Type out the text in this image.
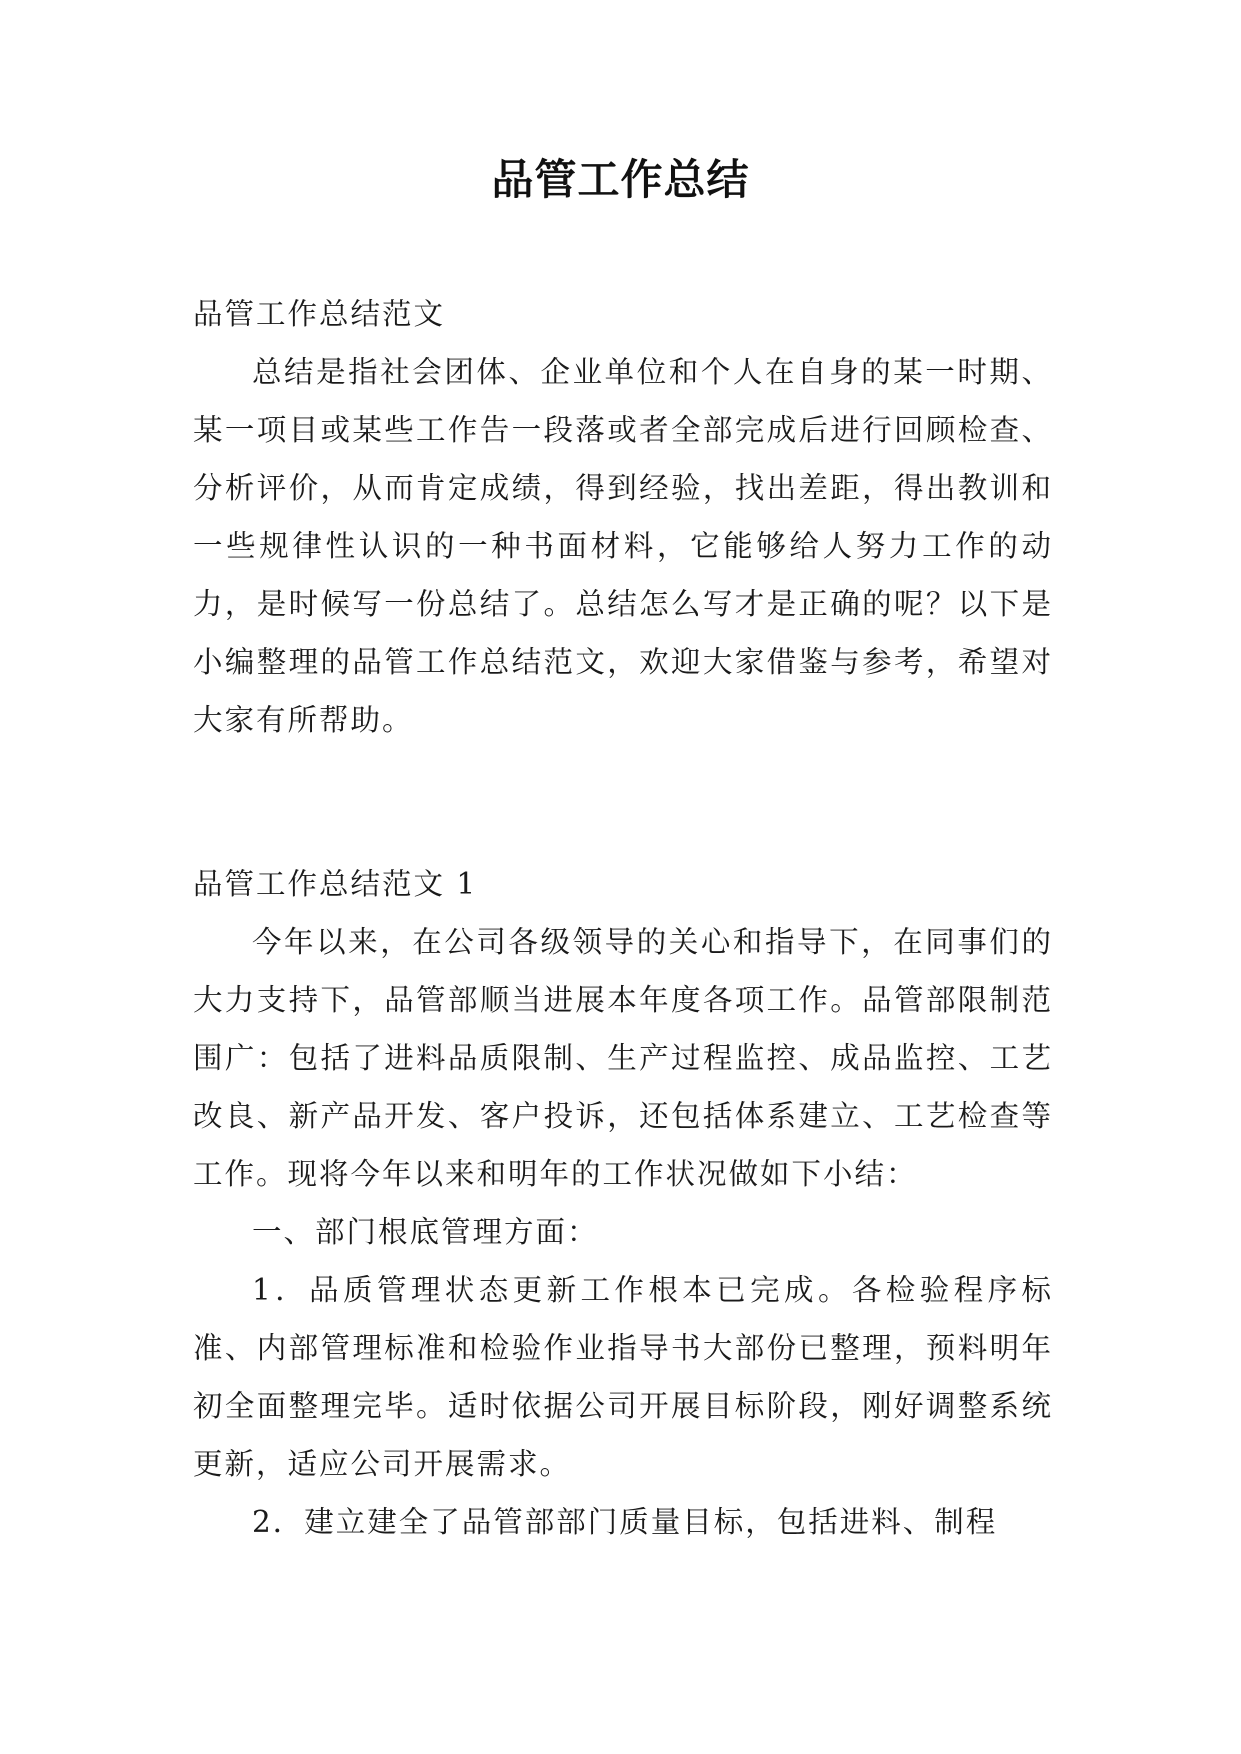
品管工作总结

品管工作总结范文

总结是指社会团体、企业单位和个人在自身的某一时期、某一项目或某些工作告一段落或者全部完成后进行回顾检查、分析评价，从而肯定成绩，得到经验，找出差距，得出教训和一些规律性认识的一种书面材料，它能够给人努力工作的动力，是时候写一份总结了。总结怎么写才是正确的呢？以下是小编整理的品管工作总结范文，欢迎大家借鉴与参考，希望对大家有所帮助。

品管工作总结范文 1

今年以来，在公司各级领导的关心和指导下，在同事们的大力支持下，品管部顺当进展本年度各项工作。品管部限制范围广：包括了进料品质限制、生产过程监控、成品监控、工艺改良、新产品开发、客户投诉，还包括体系建立、工艺检查等工作。现将今年以来和明年的工作状况做如下小结：

一、部门根底管理方面：

1．品质管理状态更新工作根本已完成。各检验程序标准、内部管理标准和检验作业指导书大部份已整理，预料明年初全面整理完毕。适时依据公司开展目标阶段，刚好调整系统更新，适应公司开展需求。

2．建立建全了品管部部门质量目标，包括进料、制程
